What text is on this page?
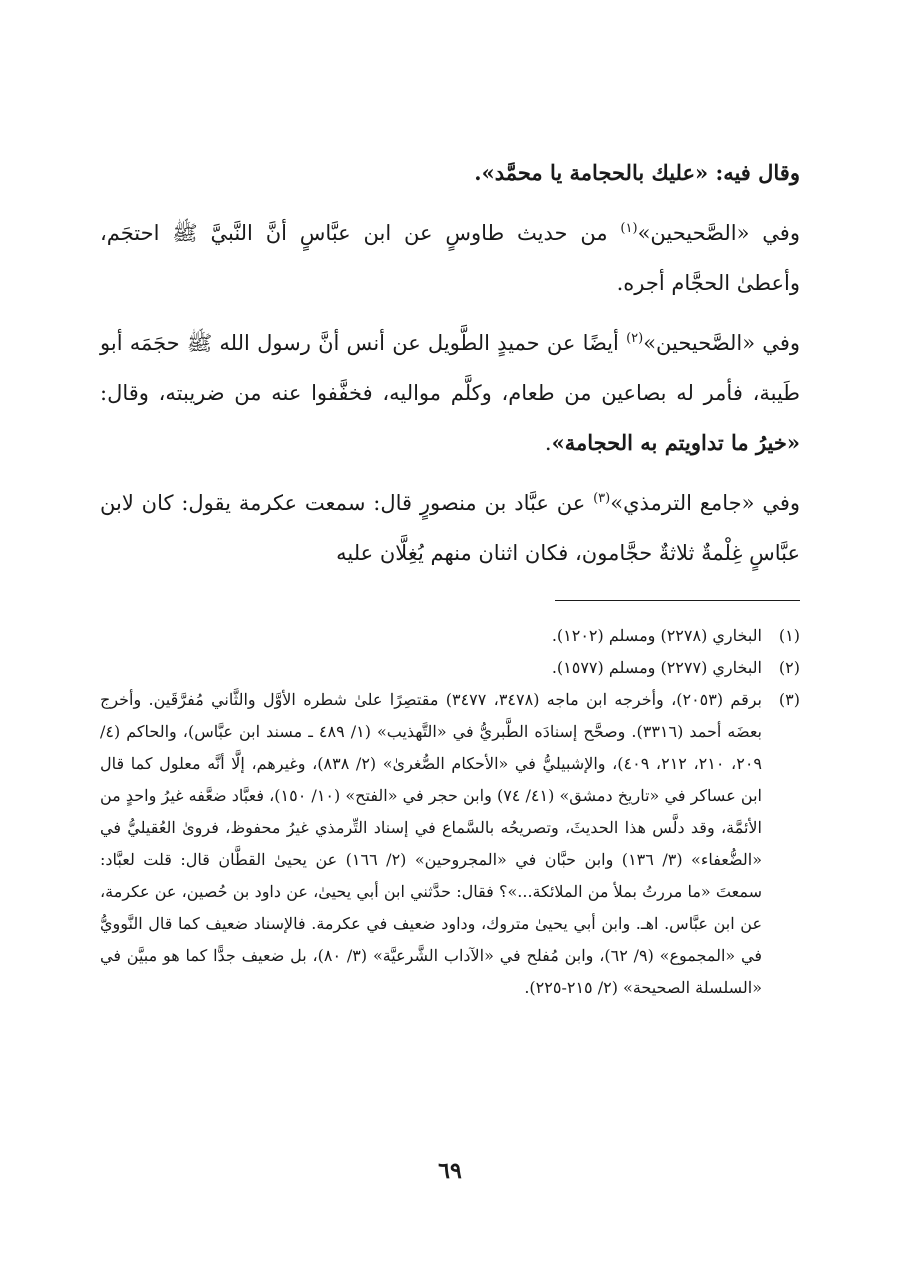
وقال فيه: «عليك بالحجامة يا محمَّد».

وفي «الصَّحيحين»$^{(١)}$ من حديث طاوسٍ عن ابن عبَّاسٍ أنَّ النَّبيَّ ﷺ احتجَم، وأعطىٰ الحجَّام أجره.

وفي «الصَّحيحين»$^{(٢)}$ أيضًا عن حميدٍ الطَّويل عن أنس أنَّ رسول الله ﷺ حجَمَه أبو طَيبة، فأمر له بصاعين من طعام، وكلَّم مواليه، فخفَّفوا عنه من ضريبته، وقال: «خيرُ ما تداويتم به الحجامة».

وفي «جامع الترمذي»$^{(٣)}$ عن عبَّاد بن منصورٍ قال: سمعت عكرمة يقول: كان لابن عبَّاسٍ غِلْمةٌ ثلاثةٌ حجَّامون، فكان اثنان منهم يُغِلَّان عليه

(١)
البخاري (٢٢٧٨) ومسلم (١٢٠٢).
(٢)
البخاري (٢٢٧٧) ومسلم (١٥٧٧).
(٣)
برقم (٢٠٥٣)، وأخرجه ابن ماجه (٣٤٧٨، ٣٤٧٧) مقتصِرًا علىٰ شطره الأوَّل والثَّاني مُفرَّقَين. وأخرج بعضَه أحمد (٣٣١٦). وصحَّح إسنادَه الطَّبريُّ في «التَّهذيب» (١/ ٤٨٩ ـ مسند ابن عبَّاس)، والحاكم (٤/ ٢٠٩، ٢١٠، ٢١٢، ٤٠٩)، والإشبيليُّ في «الأحكام الصُّغرىٰ» (٢/ ٨٣٨)، وغيرهم، إلَّا أنَّه معلول كما قال ابن عساكر في «تاريخ دمشق» (٤١/ ٧٤) وابن حجر في «الفتح» (١٠/ ١٥٠)، فعبَّاد ضعَّفه غيرُ واحدٍ من الأئمَّة، وقد دلَّس هذا الحديثَ، وتصريحُه بالسَّماع في إسناد التِّرمذي غيرُ محفوظ، فروىٰ العُقيليُّ في «الضُّعفاء» (٣/ ١٣٦) وابن حبَّان في «المجروحين» (٢/ ١٦٦) عن يحيىٰ القطَّان قال: قلت لعبَّاد: سمعتَ «ما مررتُ بملأ من الملائكة...»؟ فقال: حدَّثني ابن أبي يحيىٰ، عن داود بن حُصين، عن عكرمة، عن ابن عبَّاس. اهـ. وابن أبي يحيىٰ متروك، وداود ضعيف في عكرمة. فالإسناد ضعيف كما قال النَّوويُّ في «المجموع» (٩/ ٦٢)، وابن مُفلح في «الآداب الشَّرعيَّة» (٣/ ٨٠)، بل ضعيف جدًّا كما هو مبيَّن في «السلسلة الصحيحة» (٢/ ٢١٥-٢٢٥).
٦٩
